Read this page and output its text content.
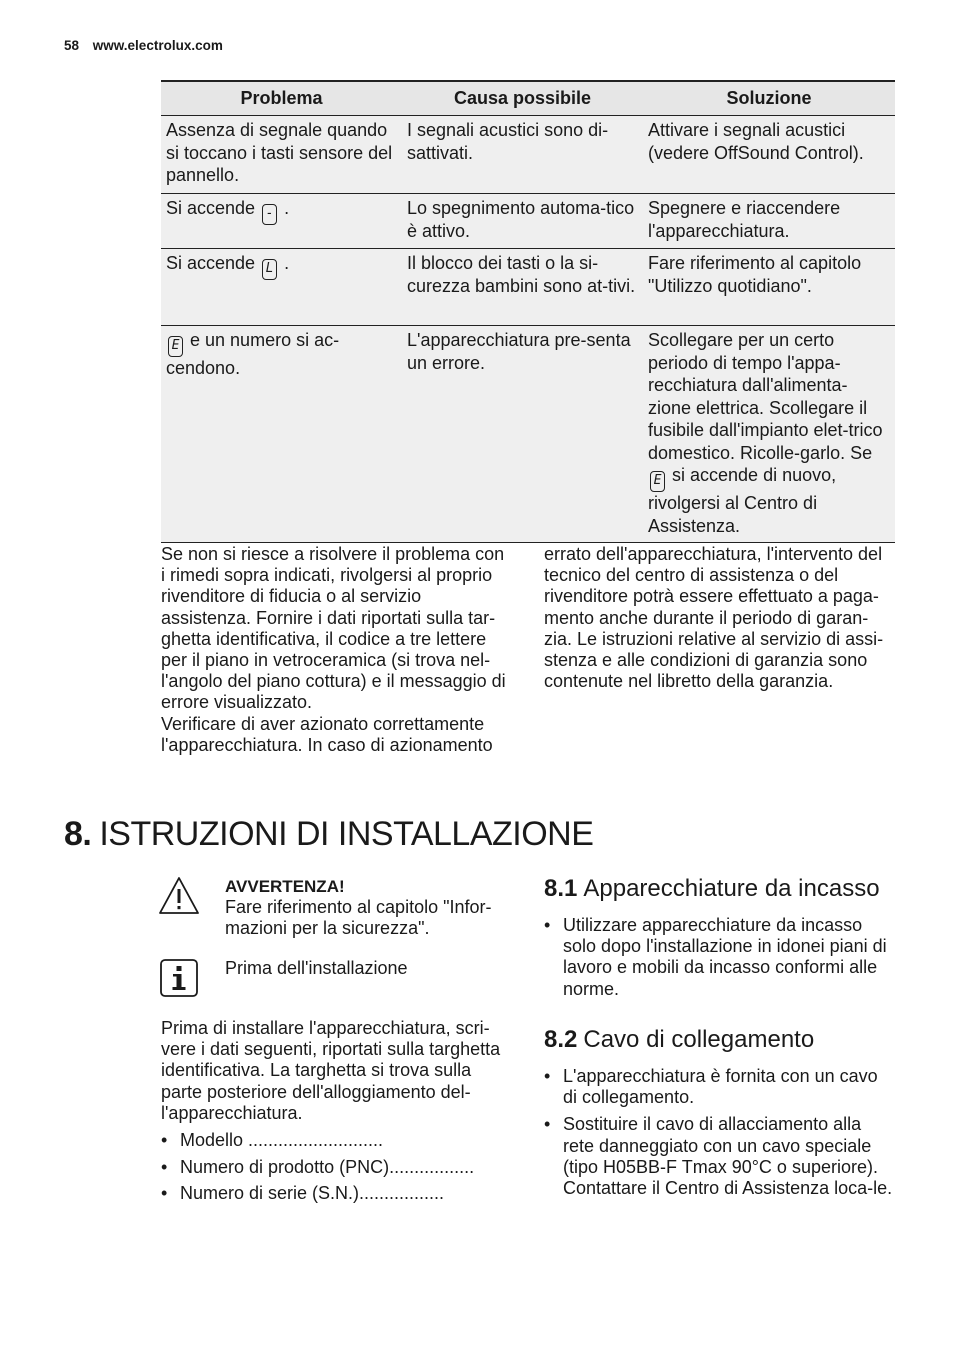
58 www.electrolux.com
Problema	Causa possibile	Soluzione
Assenza di segnale quando si toccano i tasti sensore del pannello.	I segnali acustici sono di-sattivati.	Attivare i segnali acustici (vedere OffSound Control).
Si accende - .	Lo spegnimento automa-tico è attivo.	Spegnere e riaccendere l'apparecchiatura.
Si accende L .	Il blocco dei tasti o la si-curezza bambini sono at-tivi.	Fare riferimento al capitolo "Utilizzo quotidiano".
E e un numero si ac-cendono.	L'apparecchiatura pre-senta un errore.	Scollegare per un certo periodo di tempo l'appa-recchiatura dall'alimenta-zione elettrica. Scollegare il fusibile dall'impianto elet-trico domestico. Ricolle-garlo. Se E si accende di nuovo, rivolgersi al Centro di Assistenza.
Se non si riesce a risolvere il problema con i rimedi sopra indicati, rivolgersi al proprio rivenditore di fiducia o al servizio assistenza. Fornire i dati riportati sulla tar-ghetta identificativa, il codice a tre lettere per il piano in vetroceramica (si trova nel-l'angolo del piano cottura) e il messaggio di errore visualizzato.
Verificare di aver azionato correttamente l'apparecchiatura. In caso di azionamento
errato dell'apparecchiatura, l'intervento del tecnico del centro di assistenza o del rivenditore potrà essere effettuato a paga-mento anche durante il periodo di garan-zia. Le istruzioni relative al servizio di assi-stenza e alle condizioni di garanzia sono contenute nel libretto della garanzia.
8. ISTRUZIONI DI INSTALLAZIONE
AVVERTENZA!
Fare riferimento al capitolo "Infor-mazioni per la sicurezza".
Prima dell'installazione
Prima di installare l'apparecchiatura, scri-vere i dati seguenti, riportati sulla targhetta identificativa. La targhetta si trova sulla parte posteriore dell'alloggiamento del-l'apparecchiatura.
• Modello ...........................
• Numero di prodotto (PNC).................
• Numero di serie (S.N.).................
8.1 Apparecchiature da incasso
• Utilizzare apparecchiature da incasso solo dopo l'installazione in idonei piani di lavoro e mobili da incasso conformi alle norme.
8.2 Cavo di collegamento
• L'apparecchiatura è fornita con un cavo di collegamento.
• Sostituire il cavo di allacciamento alla rete danneggiato con un cavo speciale (tipo H05BB-F Tmax 90°C o superiore). Contattare il Centro di Assistenza loca-le.
